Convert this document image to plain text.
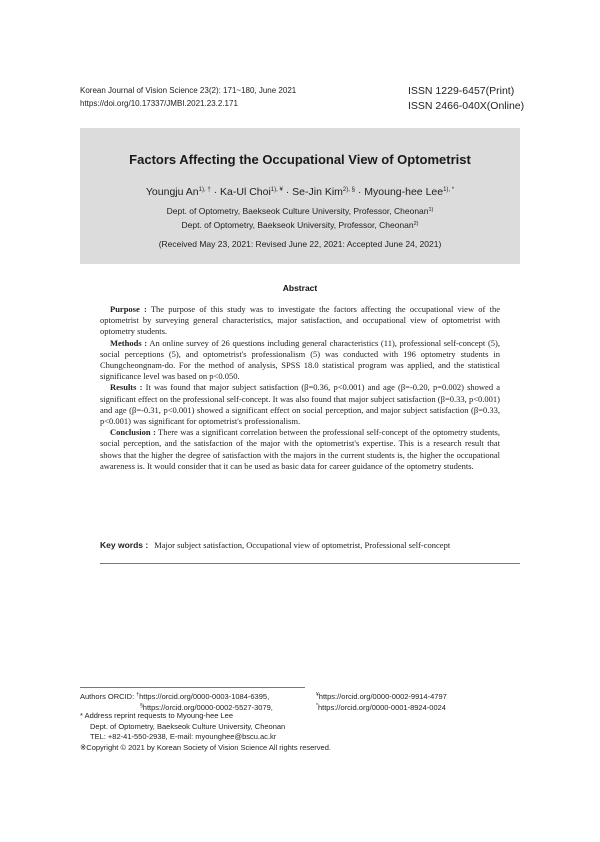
Korean Journal of Vision Science 23(2): 171~180, June 2021
https://doi.org/10.17337/JMBI.2021.23.2.171
ISSN 1229-6457(Print)
ISSN 2466-040X(Online)
Factors Affecting the Occupational View of Optometrist
Youngju $An^{1), \dagger} \cdot Ka-Ul$ Choi$^{1), ¥}$ · Se-Jin Kim$^{2), \S}$ · Myoung-hee Lee$^{1), *}$
Dept. of Optometry, Baekseok Culture University, Professor, Cheonan$^{1)}$
Dept. of Optometry, Baekseok University, Professor, Cheonan$^{2)}$
(Received May 23, 2021: Revised June 22, 2021: Accepted June 24, 2021)
Abstract

Purpose : The purpose of this study was to investigate the factors affecting the occupational view of the optometrist by surveying general characteristics, major satisfaction, and occupational view of optometrist with optometry students.

Methods : An online survey of 26 questions including general characteristics (11), professional self-concept (5), social perceptions (5), and optometrist's professionalism (5) was conducted with 196 optometry students in Chungcheongnam-do. For the method of analysis, SPSS 18.0 statistical program was applied, and the statistical significance level was based on p<0.050.

Results : It was found that major subject satisfaction (β=0.36, p<0.001) and age (β=-0.20, p=0.002) showed a significant effect on the professional self-concept. It was also found that major subject satisfaction (β=0.33, p<0.001) and age (β=-0.31, p<0.001) showed a significant effect on social perception, and major subject satisfaction (β=0.33, p<0.001) was significant for optometrist's professionalism.

Conclusion : There was a significant correlation between the professional self-concept of the optometry students, social perception, and the satisfaction of the major with the optometrist's expertise. This is a research result that shows that the higher the degree of satisfaction with the majors in the current students is, the higher the occupational awareness is. It would consider that it can be used as basic data for career guidance of the optometry students.

Key words : Major subject satisfaction, Occupational view of optometrist, Professional self-concept
Authors ORCID: †https://orcid.org/0000-0003-1084-6395,	¥https://orcid.org/0000-0002-9914-4797
§https://orcid.org/0000-0002-5527-3079,	*https://orcid.org/0000-0001-8924-0024
* Address reprint requests to Myoung-hee Lee
Dept. of Optometry, Baekseok Culture University, Cheonan
TEL: +82-41-550-2938, E-mail: myounghee@bscu.ac.kr
※Copyright © 2021 by Korean Society of Vision Science All rights reserved.
